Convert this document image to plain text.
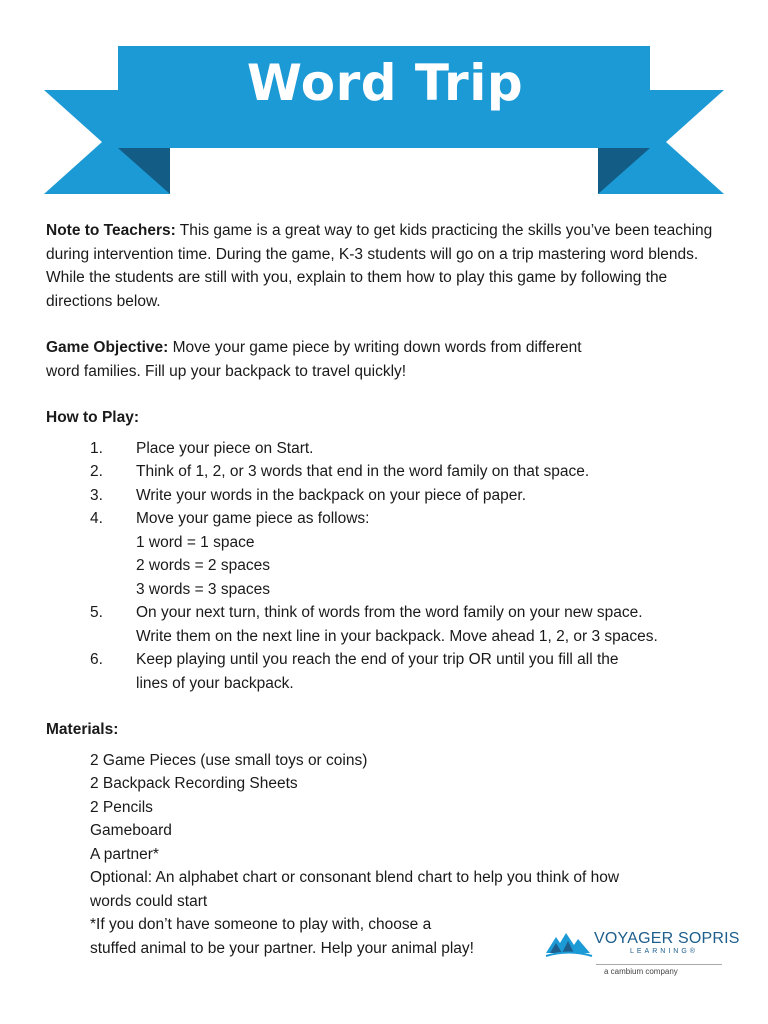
Word Trip

Note to Teachers: This game is a great way to get kids practicing the skills you’ve been teaching during intervention time. During the game, K-3 students will go on a trip mastering word blends. While the students are still with you, explain to them how to play this game by following the directions below.

Game Objective: Move your game piece by writing down words from different
word families. Fill up your backpack to travel quickly!

How to Play:
1.	Place your piece on Start.
2.	Think of 1, 2, or 3 words that end in the word family on that space.
3.	Write your words in the backpack on your piece of paper.
4.	Move your game piece as follows:
1 word = 1 space
2 words = 2 spaces
3 words = 3 spaces
5.	On your next turn, think of words from the word family on your new space.
Write them on the next line in your backpack. Move ahead 1, 2, or 3 spaces.
6.	Keep playing until you reach the end of your trip OR until you fill all the
lines of your backpack.
Materials:
2 Game Pieces (use small toys or coins)
2 Backpack Recording Sheets
2 Pencils
Gameboard
A partner*
Optional: An alphabet chart or consonant blend chart to help you think of how
words could start
*If you don’t have someone to play with, choose a
stuffed animal to be your partner. Help your animal play!
VOYAGER SOPRIS
LEARNING®
a cambium company
